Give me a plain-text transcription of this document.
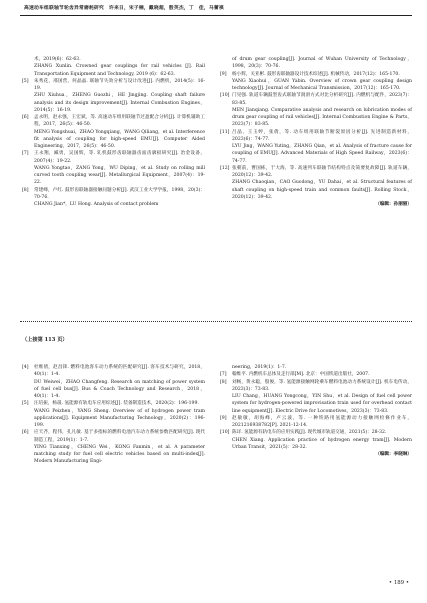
高速动车组联轴节轮齿异常磨耗研究　许来日，宋子楠，戴晓超，殷英杰，丁　佳，马蕾祺
术，2019(6)：62-63.
ZHANG Xunlin. Crowned gear couplings for rail vehicles [J]. Rail Transportation Equipment and Technology, 2019 (6)：62-63.
[5] 朱秀花，邢国营，何晶晶. 联轴节失效分析与设计改进[J]. 内燃机，2014(5)：16-19.
ZHU Xiuhua，ZHENG Guozhi，HE Jingjing. Coupling shaft failure analysis and its design improvement[J]. Internal Combustion Engines，2014(5)：16-19.
[6] 孟永明，赵永强，王宏斌，等. 高速动车组用联轴节过盈配合分析[J]. 计算机辅助工程，2017，26(5)：46-50.
MENG Yongshuai，ZHAO Yongqiang，WANG Qiliang，et al. Interference fit analysis of coupling for high-speed EMU[J]. Computer Aided Engineering，2017，26(5)：46-50.
[7] 王永翔，臧勇，吴国辉，等. 轧机鼓形齿联轴器齿面齿廓损研究[J]. 冶金设备，2007(4)：19-22.
WANG Yongtao，ZANG Yong，WU Diping，et al. Study on rolling mill curved tooth coupling wear[J]. Metallurgical Equipment，2007(4)：19-22.
[8] 常建峰，卢红. 鼓形齿联轴器接触问题分析[J]. 武汉工业大学学报，1998，20(3)：70-76.
CHANG Jian*，LU Hong. Analysis of contact problem
of drum gear coupling[J]. Journal of Wuhan University of Technology，1998，20(3)：70-76.
[9] 杨小辉，关亚彬. 鼓形齿联轴器设计技术综述[J]. 机械传动，2017(12)：165-170.
YANG Xiaohui，GUAN Yabin. Overview of crown gear coupling design technology[J]. Journal of Mechanical Transmission，2017(12)：165-170.
[10] 门见强. 轨道车辆鼓型齿式联轴节润滑方式对比分析研究[J]. 内燃机与配件，2023(7)：83-85.
MEN Jianqiang. Comparative analysis and research on lubrication modes of drum gear coupling of rail vehicles[J]. Internal Combustion Engine & Parts，2023(7)：83-85.
[11] 吕晶，王玉婷，张倩，等. 动车组用联轴节断裂原因分析[J]. 先进制造新材料，2023(6)：74-77.
LYU Jing，WANG Yuting，ZHANG Qian，et al. Analysis of fracture cause for coupling of EMU[J]. Advanced Materials of High Speed Railway，2023(6)：74-77.
[12] 张朝前，曹国栋，于大海，等. 高速列车联轴节结构特点及简要复故障[J]. 轨道车辆，2020(12)：39-42.
ZHANG Chaoqian，CAO Guodong，YU Dahai，et al. Structural features of shaft coupling on high-speed train and common faults[J]. Rolling Stock，2020(12)：39-42.
（编辑：孙丽丽）
（上接第 113 页）
[4] 杜维倩，赵昌锋. 燃料电池客车动力系统的匹配研究[J]. 客车技术与研究，2018，40(1)：1-4.
DU Weiwei，ZHAO Changfeng. Research on matching of power system of fuel cell bus[J]. Bus & Coach Technology and Research，2018，40(1)：1-4.
[5] 汪培振，杨晟. 氢能源有轨电车应用综述[J]. 装备制造技术，2020(2)：196-199.
WANG Peizhen，YANG Sheng. Overview of of hydrogen power tram applications[J]. Equipment Manufacturing Technology，2020(2)：196-199.
[6] 应天齐，程伟，孔凡敏. 基于多指标的燃料电池汽车动力系统参数匹配研究[J]. 现代制造工程，2019(1)：1-7.
YING Tianxing，CHENG Wei，KONG Fanmin，et al. A parameter matching study for fuel cell electric vehicles based on multi-index[J]. Modern Manufacturing Engi-
neering，2019(1)：1-7.
[7] 翰维平. 内燃机车总体及走行部[M]. 北京：中国铁道出版社，2007.
[8] 刘畅，黄永聪，殷俊，等. 氢能源接触网轮乘车燃料电池动力系统设计[J]. 机车电传动，2023(3)：73-83.
LIU Chang，HUANG Yongcong，YIN Shu，et al. Design of fuel cell power system for hydrogen-powered improvisation train used for overhead contact line equipment[J]. Electric Drive for Locomotives，2023(3)：73-83.
[9] 赵敏敏，胡海峰，卢云波，等. 一种铁路用氢能源动力接触网检修作业车，2021216938782[P]. 2021-12-14.
[10] 陈详. 氢能源有轨电车的应用实践[J]. 现代城市轨道交通，2021(5)：28-32.
CHEN Xiang. Application practice of hydrogen energy tram[J]. Modern Urban Transit，2021(5)：28-32.
（编辑：李晓琳）
• 189 •
